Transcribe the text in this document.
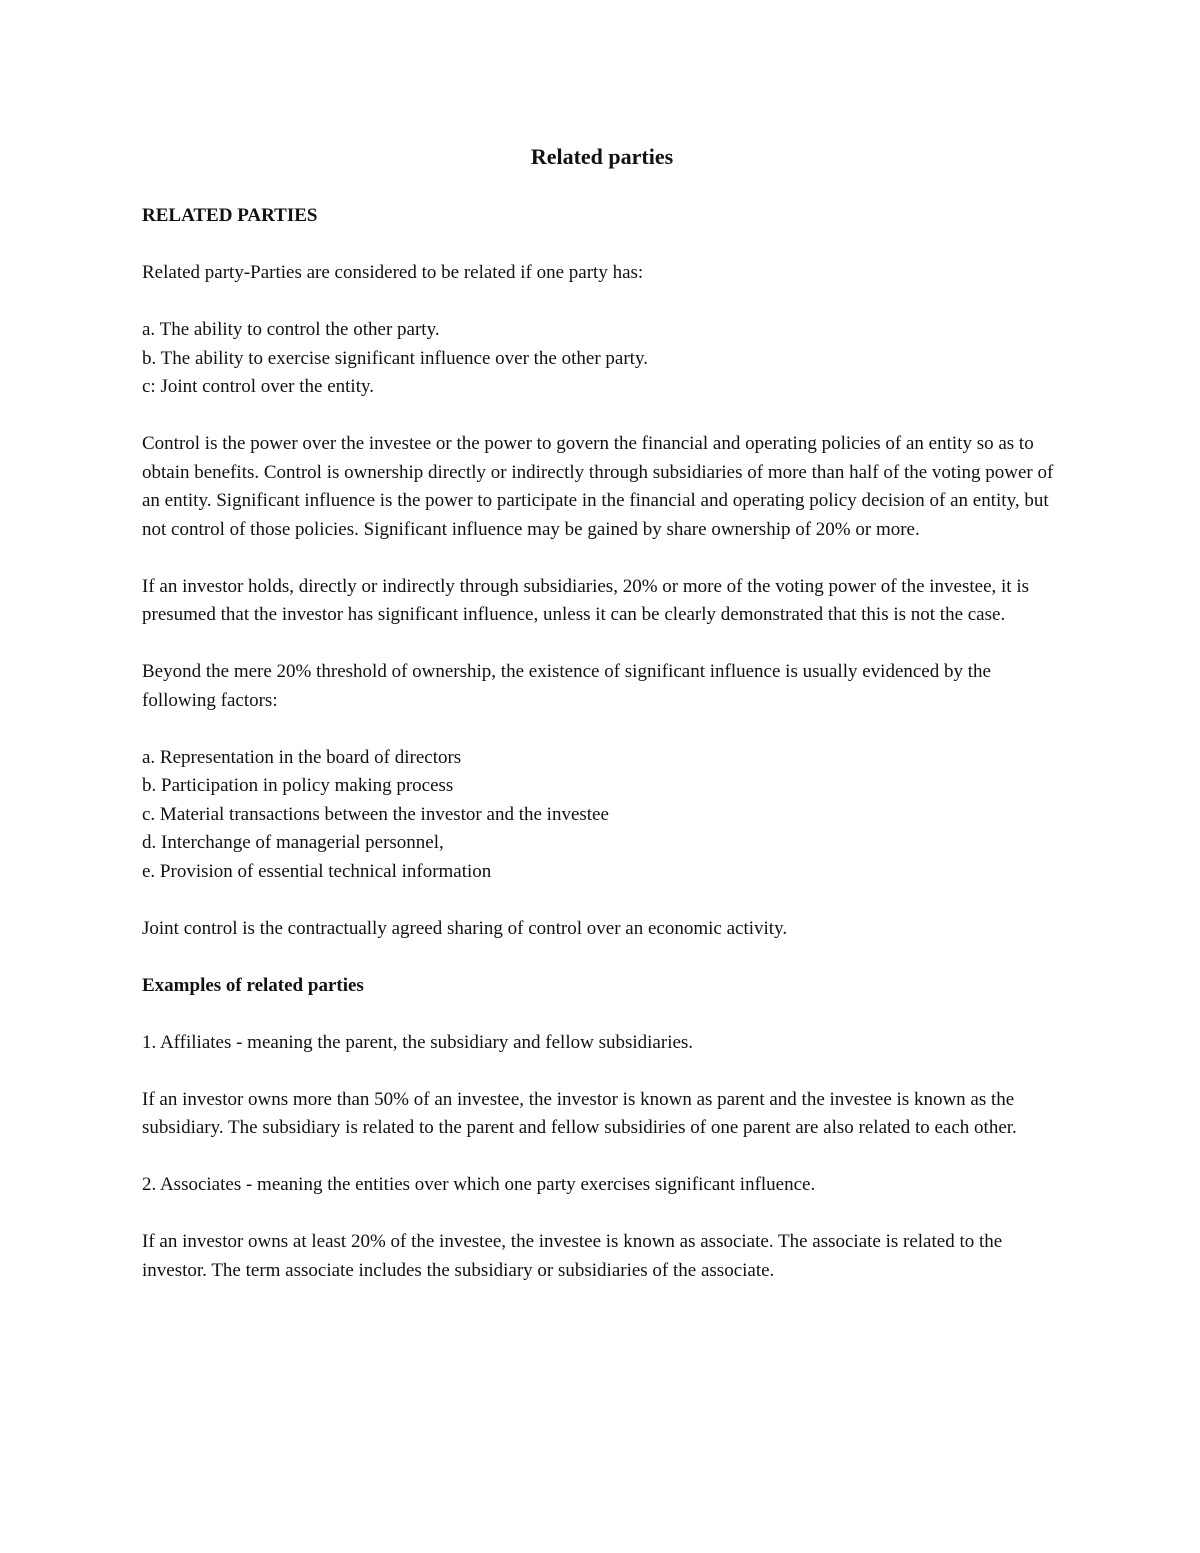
Related parties
RELATED PARTIES

Related party-Parties are considered to be related if one party has:

a. The ability to control the other party.
b. The ability to exercise significant influence over the other party.
c: Joint control over the entity.

Control is the power over the investee or the power to govern the financial and operating policies of an entity so as to obtain benefits. Control is ownership directly or indirectly through subsidiaries of more than half of the voting power of an entity. Significant influence is the power to participate in the financial and operating policy decision of an entity, but not control of those policies. Significant influence may be gained by share ownership of 20% or more.

If an investor holds, directly or indirectly through subsidiaries, 20% or more of the voting power of the investee, it is presumed that the investor has significant influence, unless it can be clearly demonstrated that this is not the case.

Beyond the mere 20% threshold of ownership, the existence of significant influence is usually evidenced by the following factors:

a. Representation in the board of directors
b. Participation in policy making process
c. Material transactions between the investor and the investee
d. Interchange of managerial personnel,
e. Provision of essential technical information

Joint control is the contractually agreed sharing of control over an economic activity.

Examples of related parties

1. Affiliates - meaning the parent, the subsidiary and fellow subsidiaries.

If an investor owns more than 50% of an investee, the investor is known as parent and the investee is known as the subsidiary. The subsidiary is related to the parent and fellow subsidiries of one parent are also related to each other.

2. Associates - meaning the entities over which one party exercises significant influence.

If an investor owns at least 20% of the investee, the investee is known as associate. The associate is related to the investor. The term associate includes the subsidiary or subsidiaries of the associate.
